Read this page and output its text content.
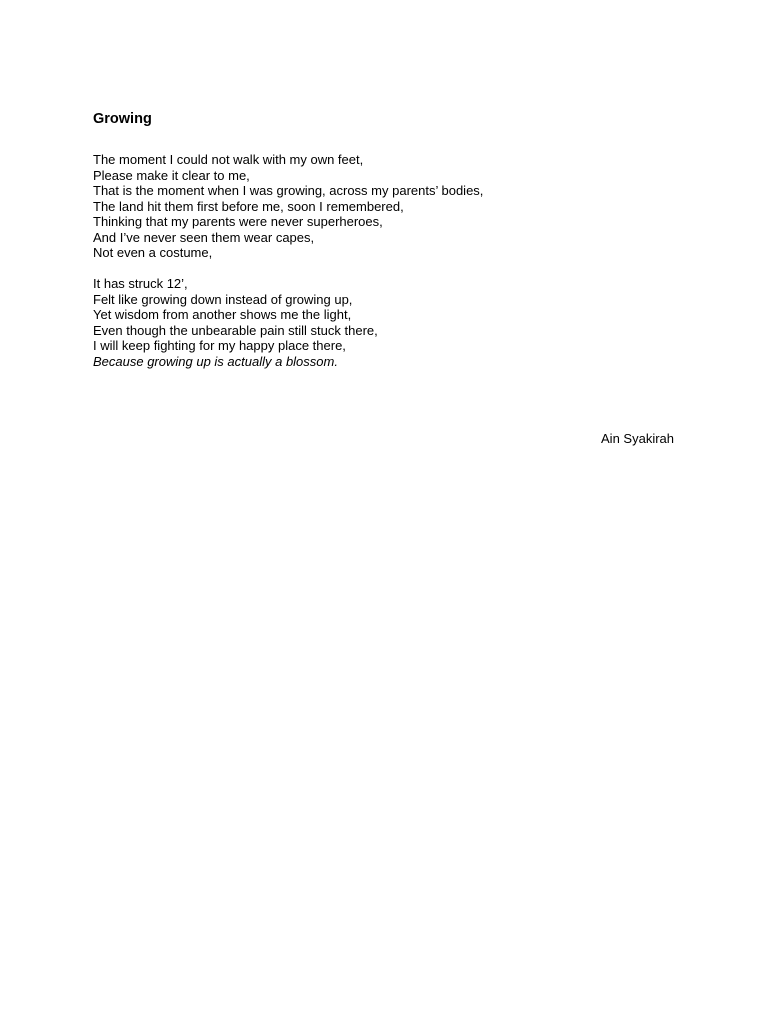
Growing
The moment I could not walk with my own feet,
Please make it clear to me,
That is the moment when I was growing, across my parents’ bodies,
The land hit them first before me, soon I remembered,
Thinking that my parents were never superheroes,
And I’ve never seen them wear capes,
Not even a costume,
It has struck 12’,
Felt like growing down instead of growing up,
Yet wisdom from another shows me the light,
Even though the unbearable pain still stuck there,
I will keep fighting for my happy place there,
Because growing up is actually a blossom.
Ain Syakirah
